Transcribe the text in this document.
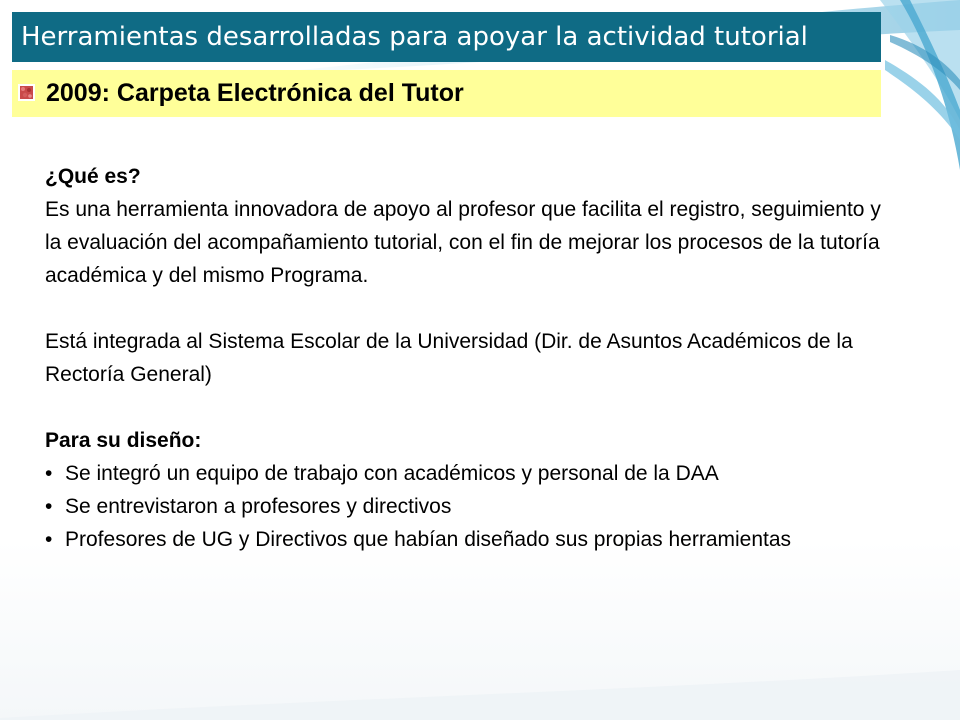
Herramientas desarrolladas para apoyar la actividad tutorial
2009: Carpeta Electrónica del Tutor

¿Qué es?

Es una herramienta innovadora de apoyo al profesor que facilita el registro, seguimiento y la evaluación del acompañamiento tutorial, con el fin de mejorar los procesos de la tutoría académica y del mismo Programa.

Está integrada al Sistema Escolar de la Universidad (Dir. de Asuntos Académicos de la Rectoría General)

Para su diseño:

• Se integró un equipo de trabajo con académicos y personal de la DAA

• Se entrevistaron a profesores y directivos

• Profesores de UG y Directivos que habían diseñado sus propias herramientas
